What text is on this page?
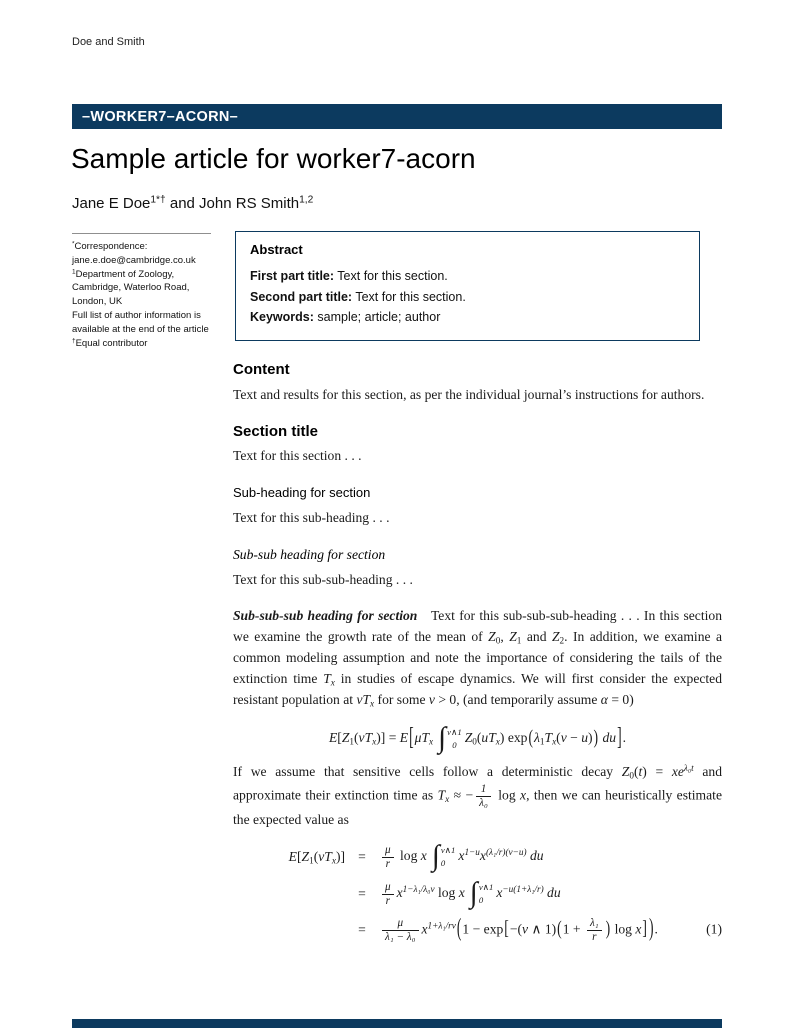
Doe and Smith
–WORKER7–ACORN–
Sample article for worker7-acorn
Jane E Doe$^{1*\dagger}$ and John RS Smith$^{1,2}$
*Correspondence:
jane.e.doe@cambridge.co.uk
$^1$Department of Zoology,
Cambridge, Waterloo Road,
London, UK
Full list of author information is
available at the end of the article
†Equal contributor
Abstract
First part title: Text for this section.
Second part title: Text for this section.
Keywords: sample; article; author
Content

Text and results for this section, as per the individual journal’s instructions for authors.

Section title

Text for this section . . .

Sub-heading for section

Text for this sub-heading . . .

Sub-sub heading for section

Text for this sub-sub-heading . . .

Sub-sub-sub heading for section Text for this sub-sub-sub-heading . . . In this section we examine the growth rate of the mean of Z0, Z1 and Z2. In addition, we examine a common modeling assumption and note the importance of considering the tails of the extinction time Tx in studies of escape dynamics. We will first consider the expected resistant population at vTx for some v > 0, (and temporarily assume α = 0)

E[Z1(vTx)] = E[μTx ∫ v∧1
0
Z0(uTx) exp(λ1Tx(v − u)) du].

If we assume that sensitive cells follow a deterministic decay $Z0(t) = xe^{\lambda_0t}$ and approximate their extinction time as Tx ≈ − $\frac{1}{\text{λ₀}}$ log x, then we can heuristically estimate the expected value as

E[Z1(vTx)] =	$\frac{\mu}{r}$ log x ∫ v∧1
0
$x^{1-u}x^{(\lambda_1/r)(v-u)}$ du
=	$\frac{\mu}{r} x^{1-\lambda_1/\lambda_0v}$ log x ∫ v∧1
0
$x^{-u(1+\lambda_1/r)}$ du
=	$\frac{\mu}{\text{λ₁ − λ₀}} x^{1+\lambda_1/rv}(1 - \exp[-(v$ ∧ $1)(1 + \frac{\text{λ₁}}{r}$ ) log x] ).	(1)
